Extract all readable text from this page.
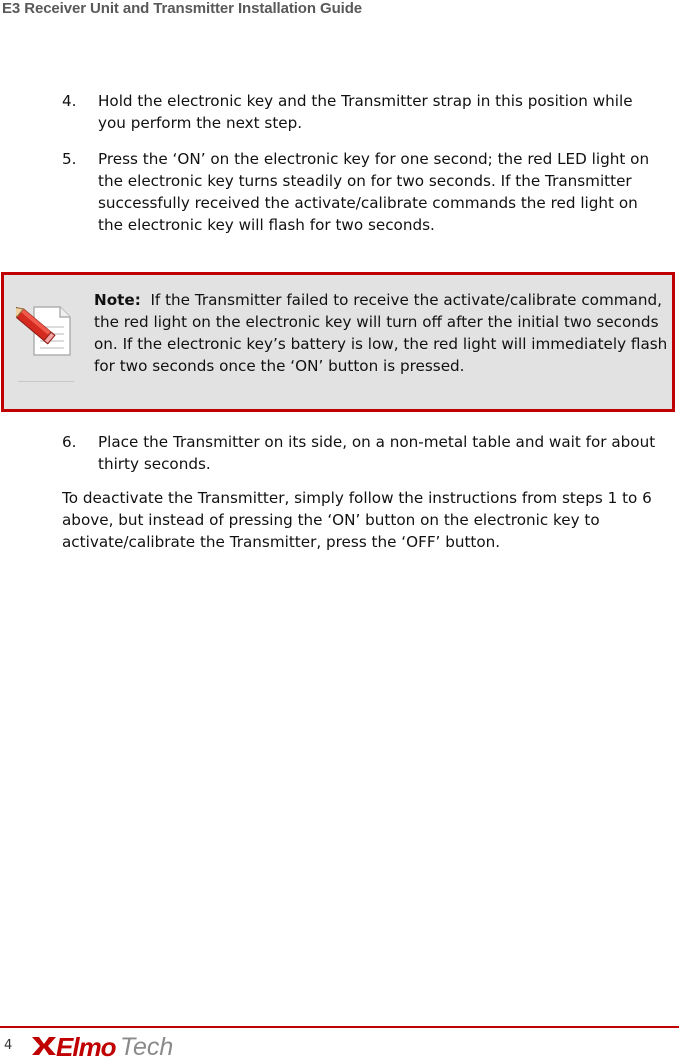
E3 Receiver Unit and Transmitter Installation Guide
4.	Hold the electronic key and the Transmitter strap in this position while you perform the next step.
5.	Press the ‘ON’ on the electronic key for one second; the red LED light on the electronic key turns steadily on for two seconds. If the Transmitter successfully received the activate/calibrate commands the red light on the electronic key will flash for two seconds.
Note: If the Transmitter failed to receive the activate/calibrate command, the red light on the electronic key will turn off after the initial two seconds on. If the electronic key’s battery is low, the red light will immediately flash for two seconds once the ‘ON’ button is pressed.
6.	Place the Transmitter on its side, on a non-metal table and wait for about thirty seconds.
To deactivate the Transmitter, simply follow the instructions from steps 1 to 6 above, but instead of pressing the ‘ON’ button on the electronic key to activate/calibrate the Transmitter, press the ‘OFF’ button.
4 Elmo Tech
